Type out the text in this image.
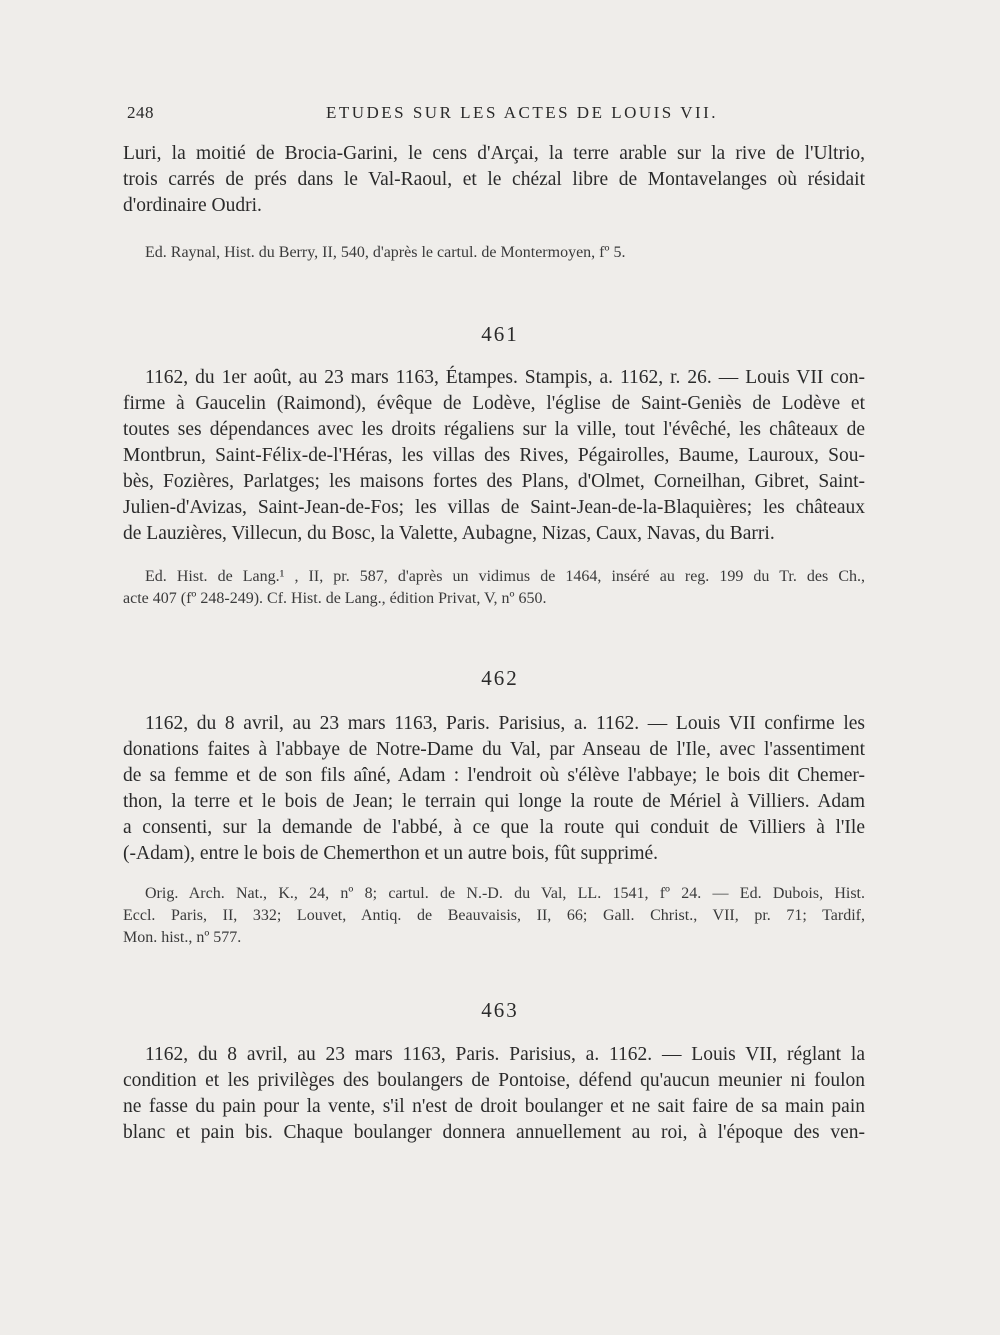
248	ETUDES SUR LES ACTES DE LOUIS VII.

Luri, la moitié de Brocia-Garini, le cens d'Arçai, la terre arable sur la rive de l'Ultrio,
trois carrés de prés dans le Val-Raoul, et le chézal libre de Montavelanges où résidait
d'ordinaire Oudri.

Ed. Raynal, Hist. du Berry, II, 540, d'après le cartul. de Montermoyen, fº 5.

461

1162, du 1er août, au 23 mars 1163, Étampes. Stampis, a. 1162, r. 26. — Louis VII con-
firme à Gaucelin (Raimond), évêque de Lodève, l'église de Saint-Geniès de Lodève et
toutes ses dépendances avec les droits régaliens sur la ville, tout l'évêché, les châteaux de
Montbrun, Saint-Félix-de-l'Héras, les villas des Rives, Pégairolles, Baume, Lauroux, Sou-
bès, Fozières, Parlatges; les maisons fortes des Plans, d'Olmet, Corneilhan, Gibret, Saint-
Julien-d'Avizas, Saint-Jean-de-Fos; les villas de Saint-Jean-de-la-Blaquières; les châteaux
de Lauzières, Villecun, du Bosc, la Valette, Aubagne, Nizas, Caux, Navas, du Barri.

Ed. Hist. de Lang.¹ , II, pr. 587, d'après un vidimus de 1464, inséré au reg. 199 du Tr. des Ch.,
acte 407 (fº 248-249). Cf. Hist. de Lang., édition Privat, V, nº 650.

462

1162, du 8 avril, au 23 mars 1163, Paris. Parisius, a. 1162. — Louis VII confirme les
donations faites à l'abbaye de Notre-Dame du Val, par Anseau de l'Ile, avec l'assentiment
de sa femme et de son fils aîné, Adam : l'endroit où s'élève l'abbaye; le bois dit Chemer-
thon, la terre et le bois de Jean; le terrain qui longe la route de Mériel à Villiers. Adam
a consenti, sur la demande de l'abbé, à ce que la route qui conduit de Villiers à l'Ile
(-Adam), entre le bois de Chemerthon et un autre bois, fût supprimé.

Orig. Arch. Nat., K., 24, nº 8; cartul. de N.-D. du Val, LL. 1541, fº 24. — Ed. Dubois, Hist.
Eccl. Paris, II, 332; Louvet, Antiq. de Beauvaisis, II, 66; Gall. Christ., VII, pr. 71; Tardif,
Mon. hist., nº 577.

463

1162, du 8 avril, au 23 mars 1163, Paris. Parisius, a. 1162. — Louis VII, réglant la
condition et les privilèges des boulangers de Pontoise, défend qu'aucun meunier ni foulon
ne fasse du pain pour la vente, s'il n'est de droit boulanger et ne sait faire de sa main pain
blanc et pain bis. Chaque boulanger donnera annuellement au roi, à l'époque des ven-
